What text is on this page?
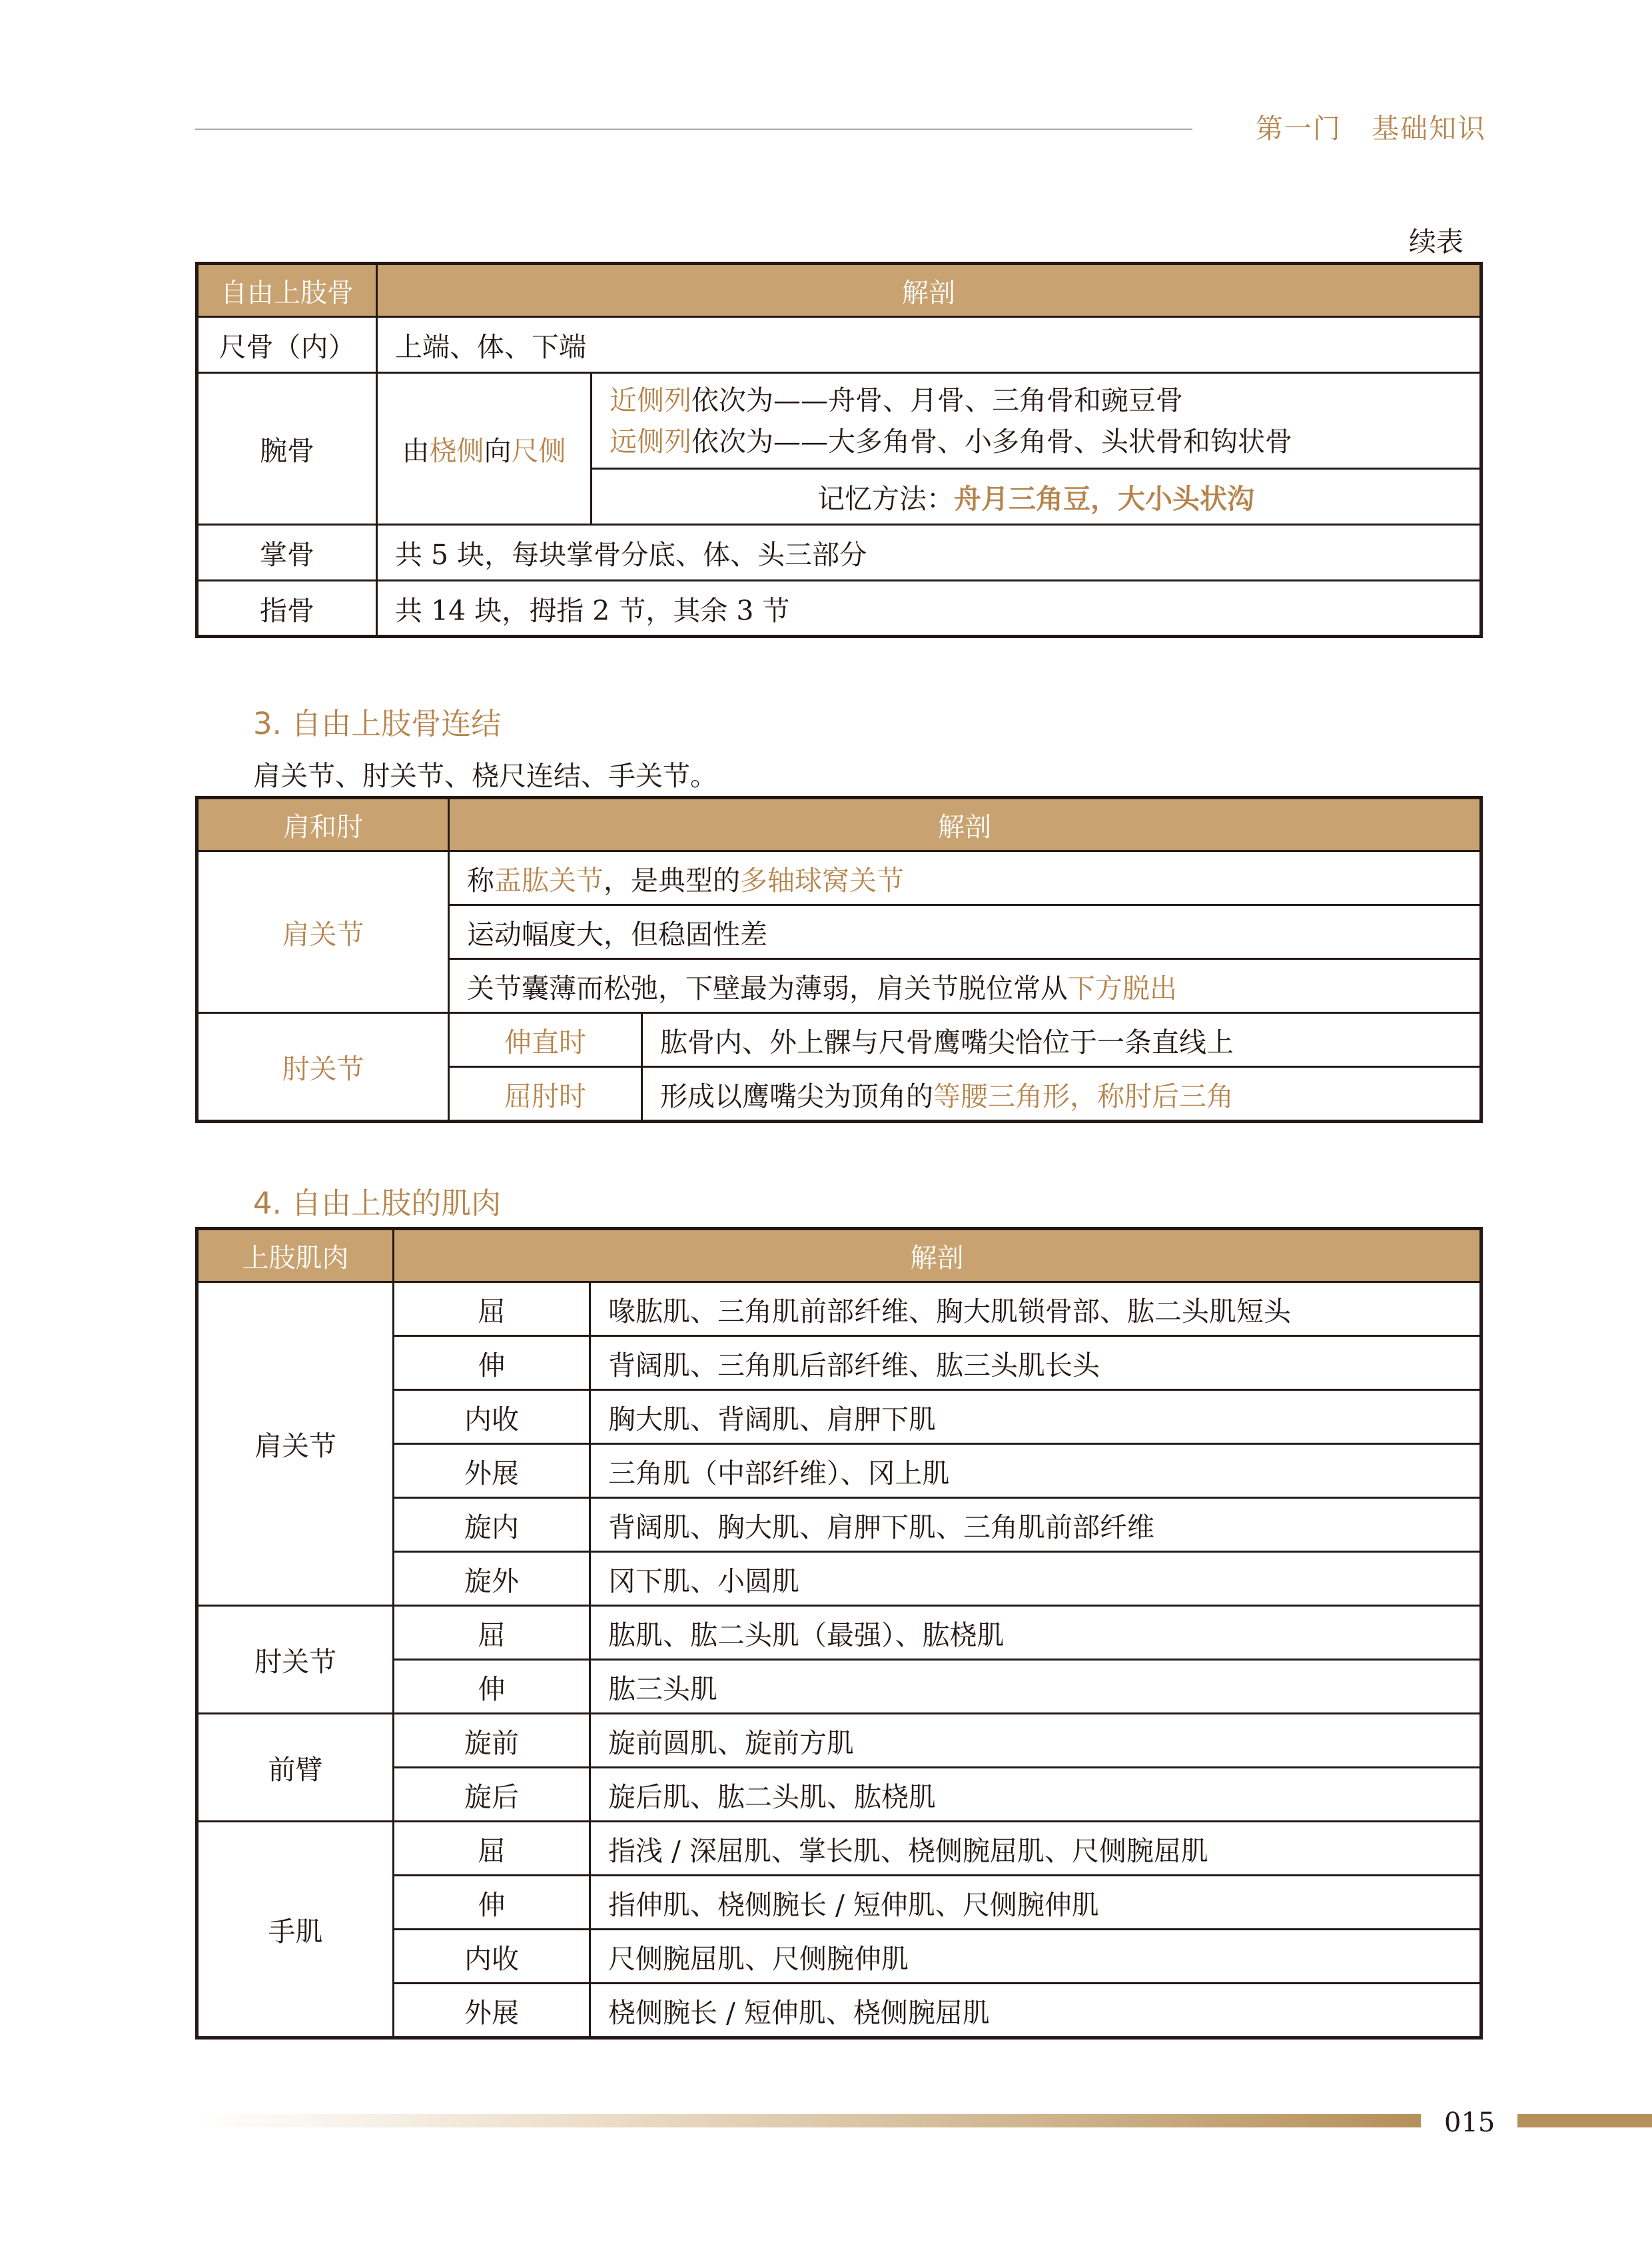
第一门 基础知识
续表
自由上肢骨	解剖	
尺骨（内）	上端、体、下端	
腕骨	由桡侧向尺侧	近侧列依次为——舟骨、月骨、三角骨和豌豆骨
远侧列依次为——大多角骨、小多角骨、头状骨和钩状骨

		记忆方法：舟月三角豆，大小头状沟
掌骨	共 5 块，每块掌骨分底、体、头三部分	
指骨	共 14 块，拇指 2 节，其余 3 节	
3. 自由上肢骨连结
肩关节、肘关节、桡尺连结、手关节。
肩和肘	解剖	
肩关节	称盂肱关节，是典型的多轴球窝关节	
	运动幅度大，但稳固性差	
	关节囊薄而松弛，下壁最为薄弱，肩关节脱位常从下方脱出	
肘关节	伸直时	肱骨内、外上髁与尺骨鹰嘴尖恰位于一条直线上
	屈肘时	形成以鹰嘴尖为顶角的等腰三角形，称肘后三角
4. 自由上肢的肌肉
上肢肌肉	解剖	
肩关节	屈	喙肱肌、三角肌前部纤维、胸大肌锁骨部、肱二头肌短头
	伸	背阔肌、三角肌后部纤维、肱三头肌长头
	内收	胸大肌、背阔肌、肩胛下肌
	外展	三角肌（中部纤维）、冈上肌
	旋内	背阔肌、胸大肌、肩胛下肌、三角肌前部纤维
	旋外	冈下肌、小圆肌
肘关节	屈	肱肌、肱二头肌（最强）、肱桡肌
	伸	肱三头肌
前臂	旋前	旋前圆肌、旋前方肌
	旋后	旋后肌、肱二头肌、肱桡肌
手肌	屈	指浅 / 深屈肌、掌长肌、桡侧腕屈肌、尺侧腕屈肌
	伸	指伸肌、桡侧腕长 / 短伸肌、尺侧腕伸肌
	内收	尺侧腕屈肌、尺侧腕伸肌
	外展	桡侧腕长 / 短伸肌、桡侧腕屈肌
015
